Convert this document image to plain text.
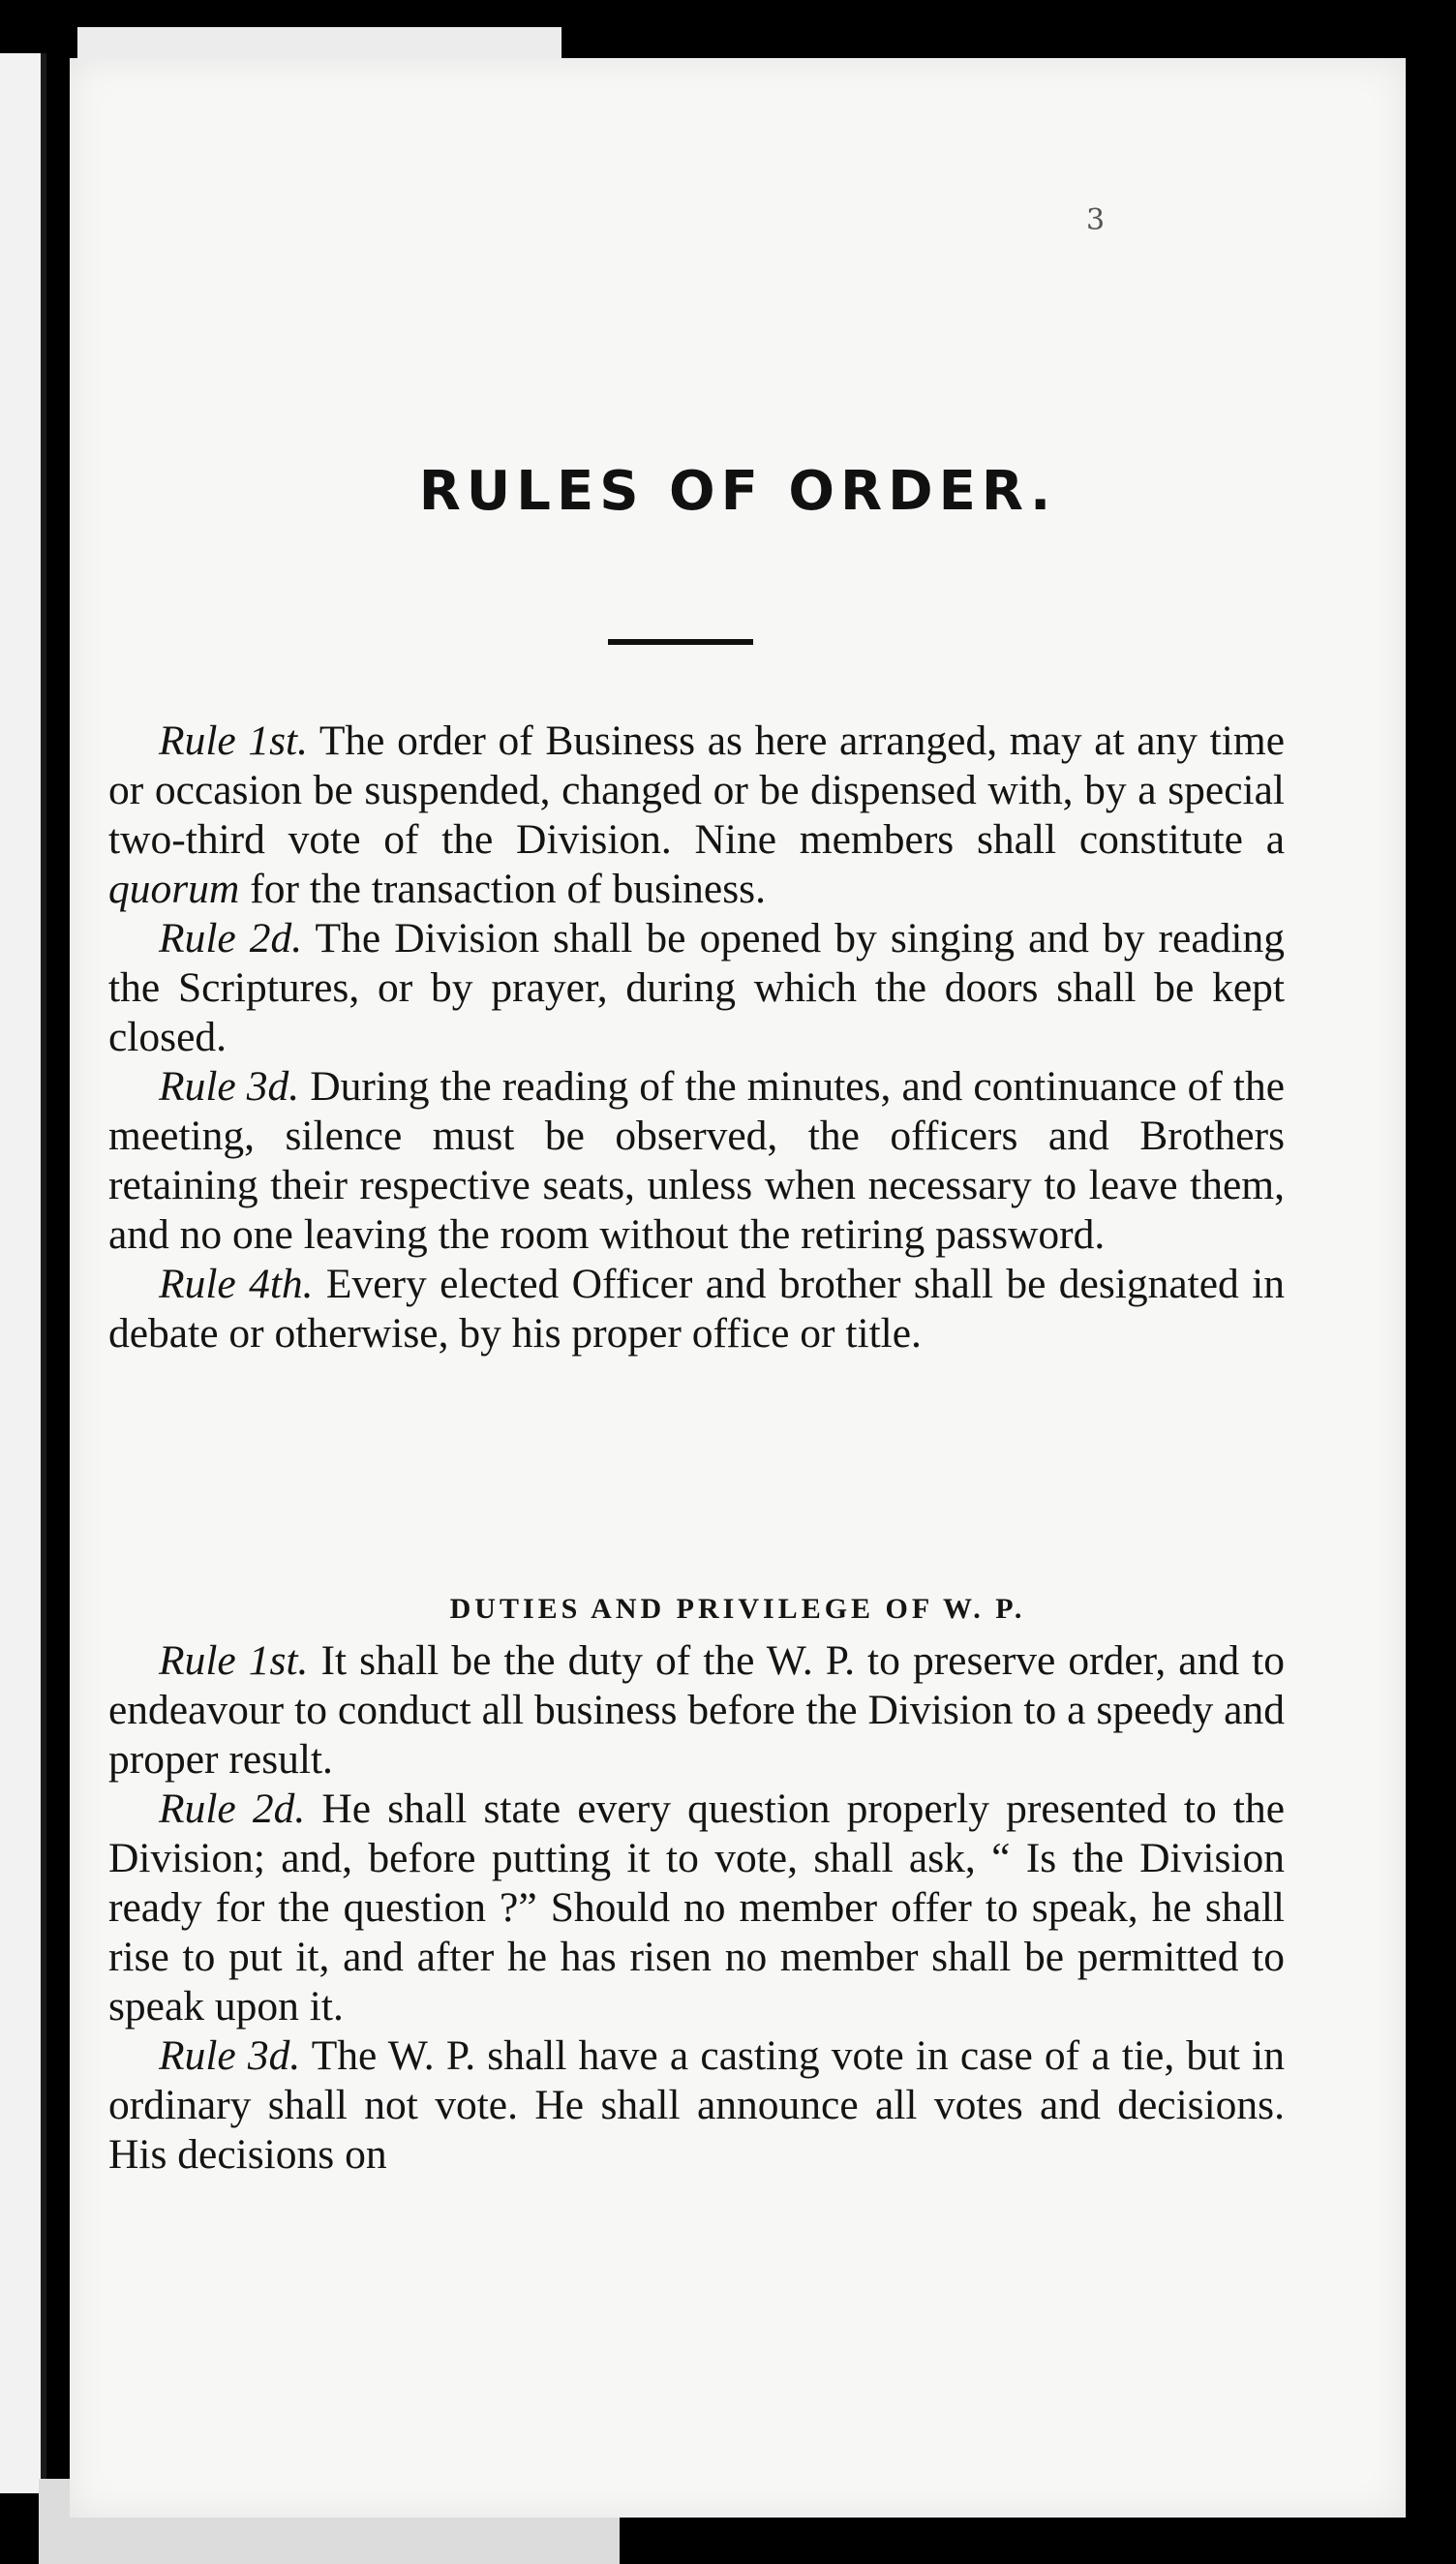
3
RULES OF ORDER.

Rule 1st. The order of Business as here arranged, may at any time or occasion be suspended, changed or be dispensed with, by a special two-third vote of the Division. Nine members shall constitute a quorum for the transaction of business.

Rule 2d. The Division shall be opened by singing and by reading the Scriptures, or by prayer, during which the doors shall be kept closed.

Rule 3d. During the reading of the minutes, and continuance of the meeting, silence must be observed, the officers and Brothers retaining their respective seats, unless when necessary to leave them, and no one leaving the room without the retiring password.

Rule 4th. Every elected Officer and brother shall be designated in debate or otherwise, by his proper office or title.

DUTIES AND PRIVILEGE OF W. P.

Rule 1st. It shall be the duty of the W. P. to preserve order, and to endeavour to conduct all business before the Division to a speedy and proper result.

Rule 2d. He shall state every question properly presented to the Division; and, before putting it to vote, shall ask, “ Is the Division ready for the question ?” Should no member offer to speak, he shall rise to put it, and after he has risen no member shall be permitted to speak upon it.

Rule 3d. The W. P. shall have a casting vote in case of a tie, but in ordinary shall not vote. He shall announce all votes and decisions. His decisions on
